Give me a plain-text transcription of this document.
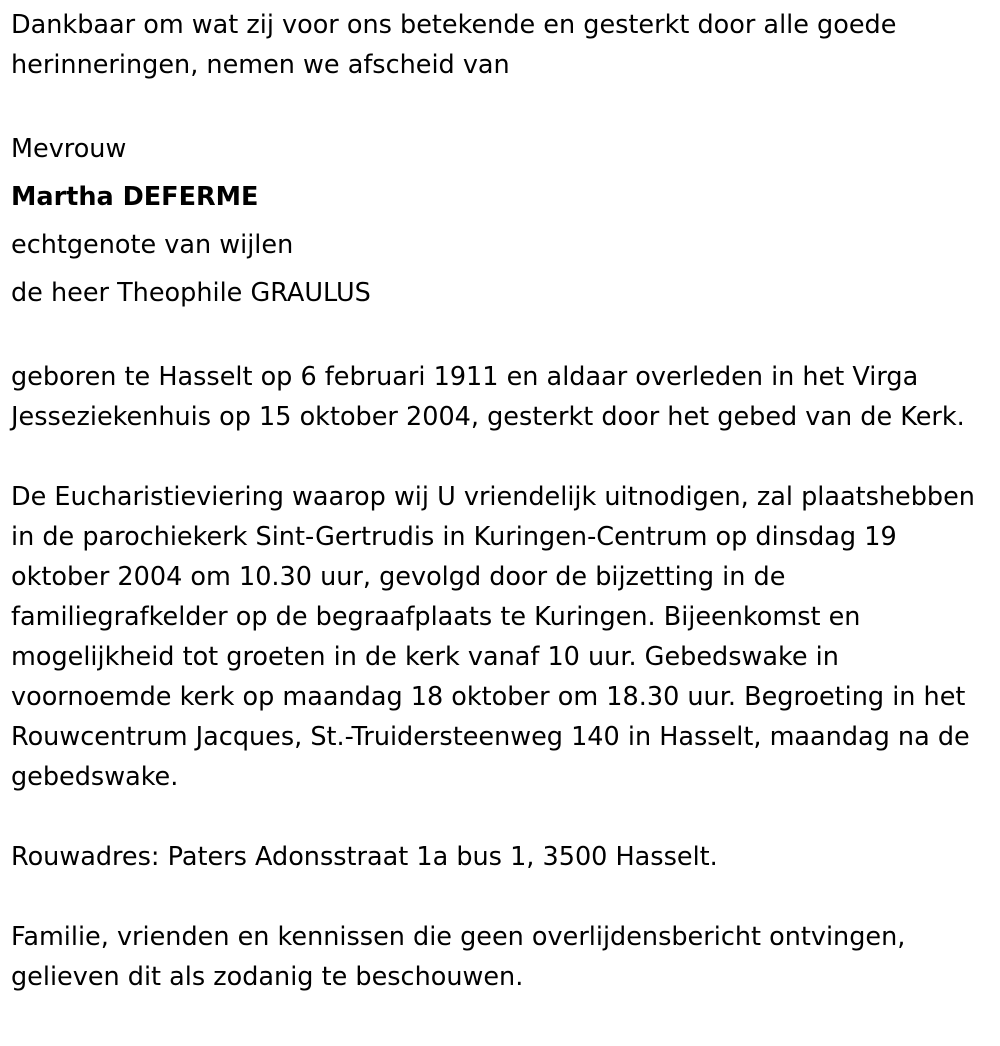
Dankbaar om wat zij voor ons betekende en gesterkt door alle goede herinneringen, nemen we afscheid van

Mevrouw
Martha DEFERME
echtgenote van wijlen
de heer Theophile GRAULUS

geboren te Hasselt op 6 februari 1911 en aldaar overleden in het Virga Jesseziekenhuis op 15 oktober 2004, gesterkt door het gebed van de Kerk.

De Eucharistieviering waarop wij U vriendelijk uitnodigen, zal plaatshebben in de parochiekerk Sint-Gertrudis in Kuringen-Centrum op dinsdag 19 oktober 2004 om 10.30 uur, gevolgd door de bijzetting in de familiegrafkelder op de begraafplaats te Kuringen. Bijeenkomst en mogelijkheid tot groeten in de kerk vanaf 10 uur. Gebedswake in voornoemde kerk op maandag 18 oktober om 18.30 uur. Begroeting in het Rouwcentrum Jacques, St.-Truidersteenweg 140 in Hasselt, maandag na de gebedswake.

Rouwadres: Paters Adonsstraat 1a bus 1, 3500 Hasselt.

Familie, vrienden en kennissen die geen overlijdensbericht ontvingen, gelieven dit als zodanig te beschouwen.
